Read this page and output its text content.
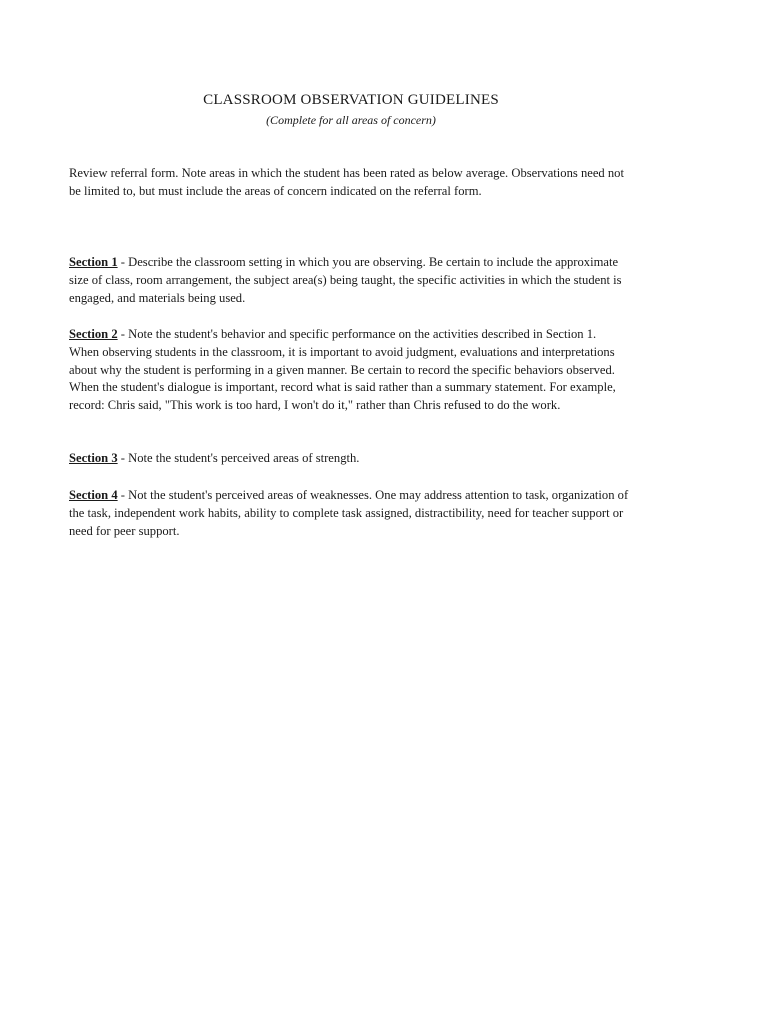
CLASSROOM OBSERVATION GUIDELINES

(Complete for all areas of concern)

Review referral form. Note areas in which the student has been rated as below average. Observations need not be limited to, but must include the areas of concern indicated on the referral form.

Section 1 - Describe the classroom setting in which you are observing. Be certain to include the approximate size of class, room arrangement, the subject area(s) being taught, the specific activities in which the student is engaged, and materials being used.

Section 2 - Note the student's behavior and specific performance on the activities described in Section 1. When observing students in the classroom, it is important to avoid judgment, evaluations and interpretations about why the student is performing in a given manner. Be certain to record the specific behaviors observed. When the student's dialogue is important, record what is said rather than a summary statement. For example, record: Chris said, "This work is too hard, I won't do it," rather than Chris refused to do the work.

Section 3 - Note the student's perceived areas of strength.

Section 4 - Not the student's perceived areas of weaknesses. One may address attention to task, organization of the task, independent work habits, ability to complete task assigned, distractibility, need for teacher support or need for peer support.
